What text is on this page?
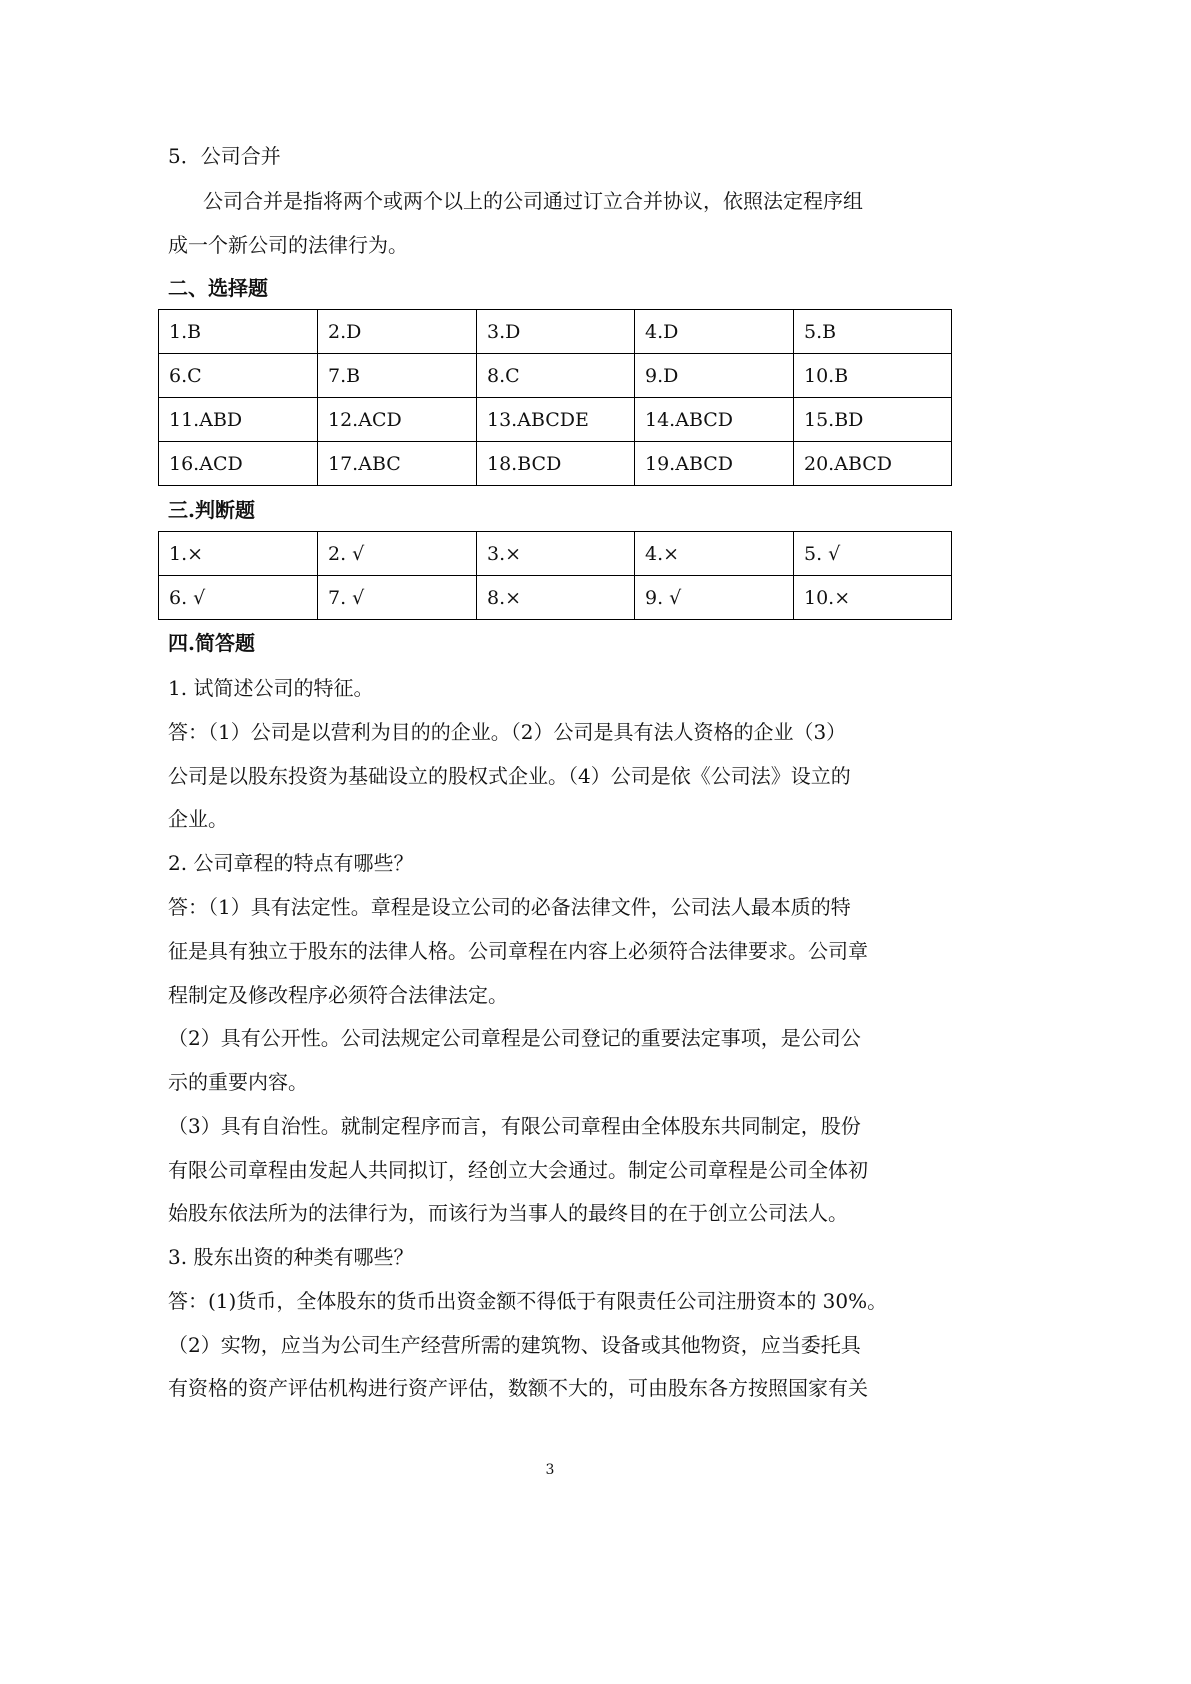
5．公司合并
公司合并是指将两个或两个以上的公司通过订立合并协议，依照法定程序组
成一个新公司的法律行为。
二、选择题
1.B	2.D	3.D	4.D	5.B
6.C	7.B	8.C	9.D	10.B
11.ABD	12.ACD	13.ABCDE	14.ABCD	15.BD
16.ACD	17.ABC	18.BCD	19.ABCD	20.ABCD
三.判断题
1.×	2. √	3.×	4.×	5. √
6. √	7. √	8.×	9. √	10.×
四.简答题
1. 试简述公司的特征。
答：（1）公司是以营利为目的的企业。（2）公司是具有法人资格的企业（3）
公司是以股东投资为基础设立的股权式企业。（4）公司是依《公司法》设立的
企业。
2. 公司章程的特点有哪些？
答：（1）具有法定性。章程是设立公司的必备法律文件，公司法人最本质的特
征是具有独立于股东的法律人格。公司章程在内容上必须符合法律要求。公司章
程制定及修改程序必须符合法律法定。
（2）具有公开性。公司法规定公司章程是公司登记的重要法定事项，是公司公
示的重要内容。
（3）具有自治性。就制定程序而言，有限公司章程由全体股东共同制定，股份
有限公司章程由发起人共同拟订，经创立大会通过。制定公司章程是公司全体初
始股东依法所为的法律行为，而该行为当事人的最终目的在于创立公司法人。
3. 股东出资的种类有哪些？
答：(1)货币，全体股东的货币出资金额不得低于有限责任公司注册资本的 30%。
（2）实物，应当为公司生产经营所需的建筑物、设备或其他物资，应当委托具
有资格的资产评估机构进行资产评估，数额不大的，可由股东各方按照国家有关
3
